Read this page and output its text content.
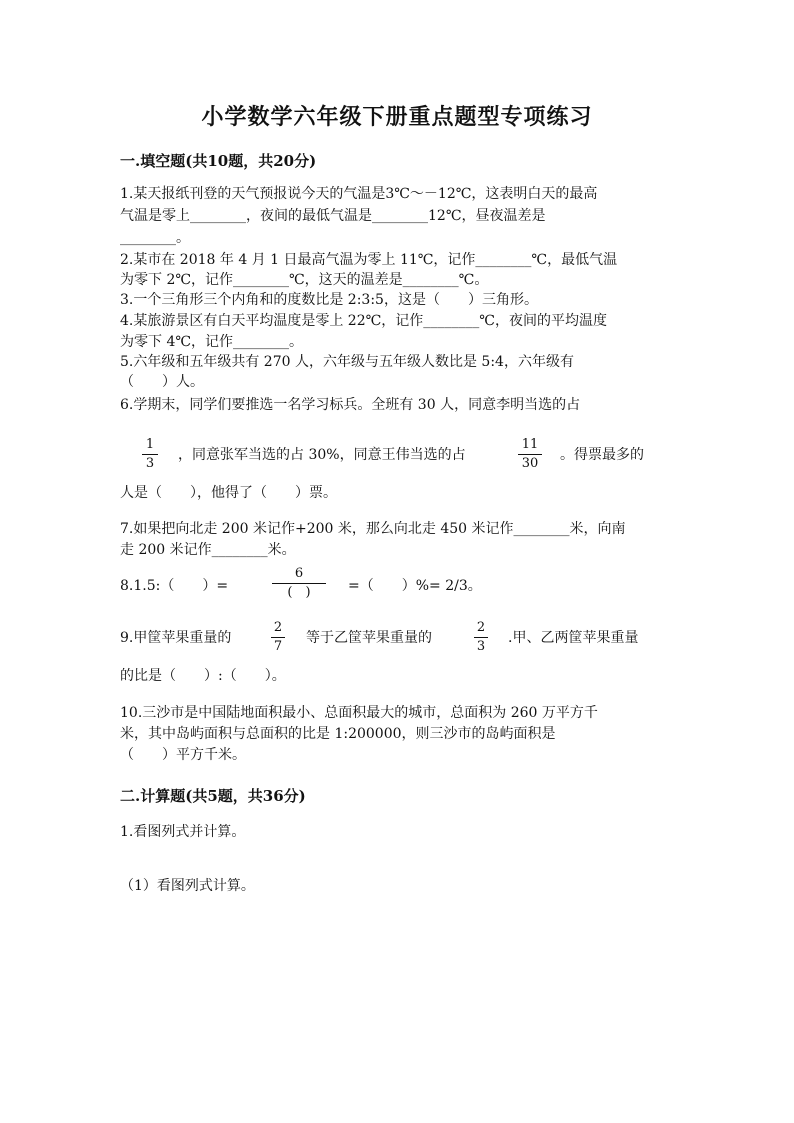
小学数学六年级下册重点题型专项练习
一.填空题(共10题，共20分)
1.某天报纸刊登的天气预报说今天的气温是3℃～－12℃，这表明白天的最高
气温是零上________，夜间的最低气温是________12℃，昼夜温差是
________。
2.某市在 2018 年 4 月 1 日最高气温为零上 11℃，记作________℃，最低气温
为零下 2℃，记作________℃，这天的温差是________℃。
3.一个三角形三个内角和的度数比是 2:3:5，这是（　　）三角形。
4.某旅游景区有白天平均温度是零上 22℃，记作________℃，夜间的平均温度
为零下 4℃，记作________。
5.六年级和五年级共有 270 人，六年级与五年级人数比是 5:4，六年级有
（　　）人。
6.学期末，同学们要推选一名学习标兵。全班有 30 人，同意李明当选的占
1
3
，同意张军当选的占 30%，同意王伟当选的占
11
30
。得票最多的
人是（　　），他得了（　　）票。
7.如果把向北走 200 米记作+200 米，那么向北走 450 米记作________米，向南
走 200 米记作________米。
8.1.5:（　　）=
6
(　)	=（　　）%= 2/3。
9.甲筐苹果重量的
2
7
等于乙筐苹果重量的
2
3
.甲、乙两筐苹果重量
的比是（　　）:（　　）。
10.三沙市是中国陆地面积最小、总面积最大的城市，总面积为 260 万平方千
米，其中岛屿面积与总面积的比是 1:200000，则三沙市的岛屿面积是
（　　）平方千米。
二.计算题(共5题，共36分)
1.看图列式并计算。
（1）看图列式计算。
